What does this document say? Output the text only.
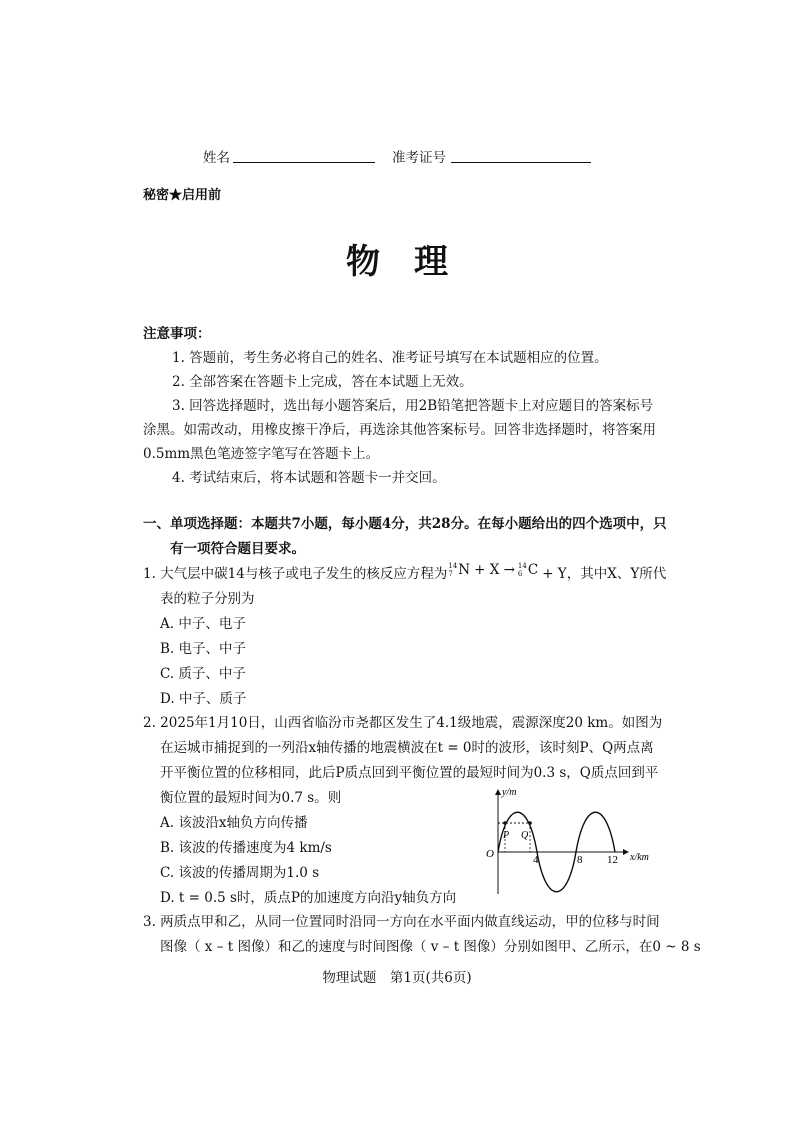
姓名	准考证号
秘密★启用前
物　理
注意事项：
1. 答题前，考生务必将自己的姓名、准考证号填写在本试题相应的位置。
2. 全部答案在答题卡上完成，答在本试题上无效。
3. 回答选择题时，选出每小题答案后，用2B铅笔把答题卡上对应题目的答案标号
涂黑。如需改动，用橡皮擦干净后，再选涂其他答案标号。回答非选择题时，将答案用
0.5mm黑色笔迹签字笔写在答题卡上。
4. 考试结束后，将本试题和答题卡一并交回。
一、单项选择题：本题共7小题，每小题4分，共28分。在每小题给出的四个选项中，只
有一项符合题目要求。
1. 大气层中碳14与核子或电子发生的核反应方程为 14
7 N + X → 14
6 C + Y，其中X、Y所代
表的粒子分别为
A. 中子、电子
B. 电子、中子
C. 质子、中子
D. 中子、质子
2. 2025年1月10日，山西省临汾市尧都区发生了4.1级地震，震源深度20 km。如图为
在运城市捕捉到的一列沿x轴传播的地震横波在t = 0时的波形，该时刻P、Q两点离
开平衡位置的位移相同，此后P质点回到平衡位置的最短时间为0.3 s，Q质点回到平
衡位置的最短时间为0.7 s。则
A. 该波沿x轴负方向传播
B. 该波的传播速度为4 km/s
C. 该波的传播周期为1.0 s
D. t = 0.5 s时，质点P的加速度方向沿y轴负方向
y/m
x/km
O
P Q
4	8 12
3. 两质点甲和乙，从同一位置同时沿同一方向在水平面内做直线运动，甲的位移与时间
图像（ x – t 图像）和乙的速度与时间图像（ v – t 图像）分别如图甲、乙所示，在0 ~ 8 s
物理试题　第1页(共6页)
